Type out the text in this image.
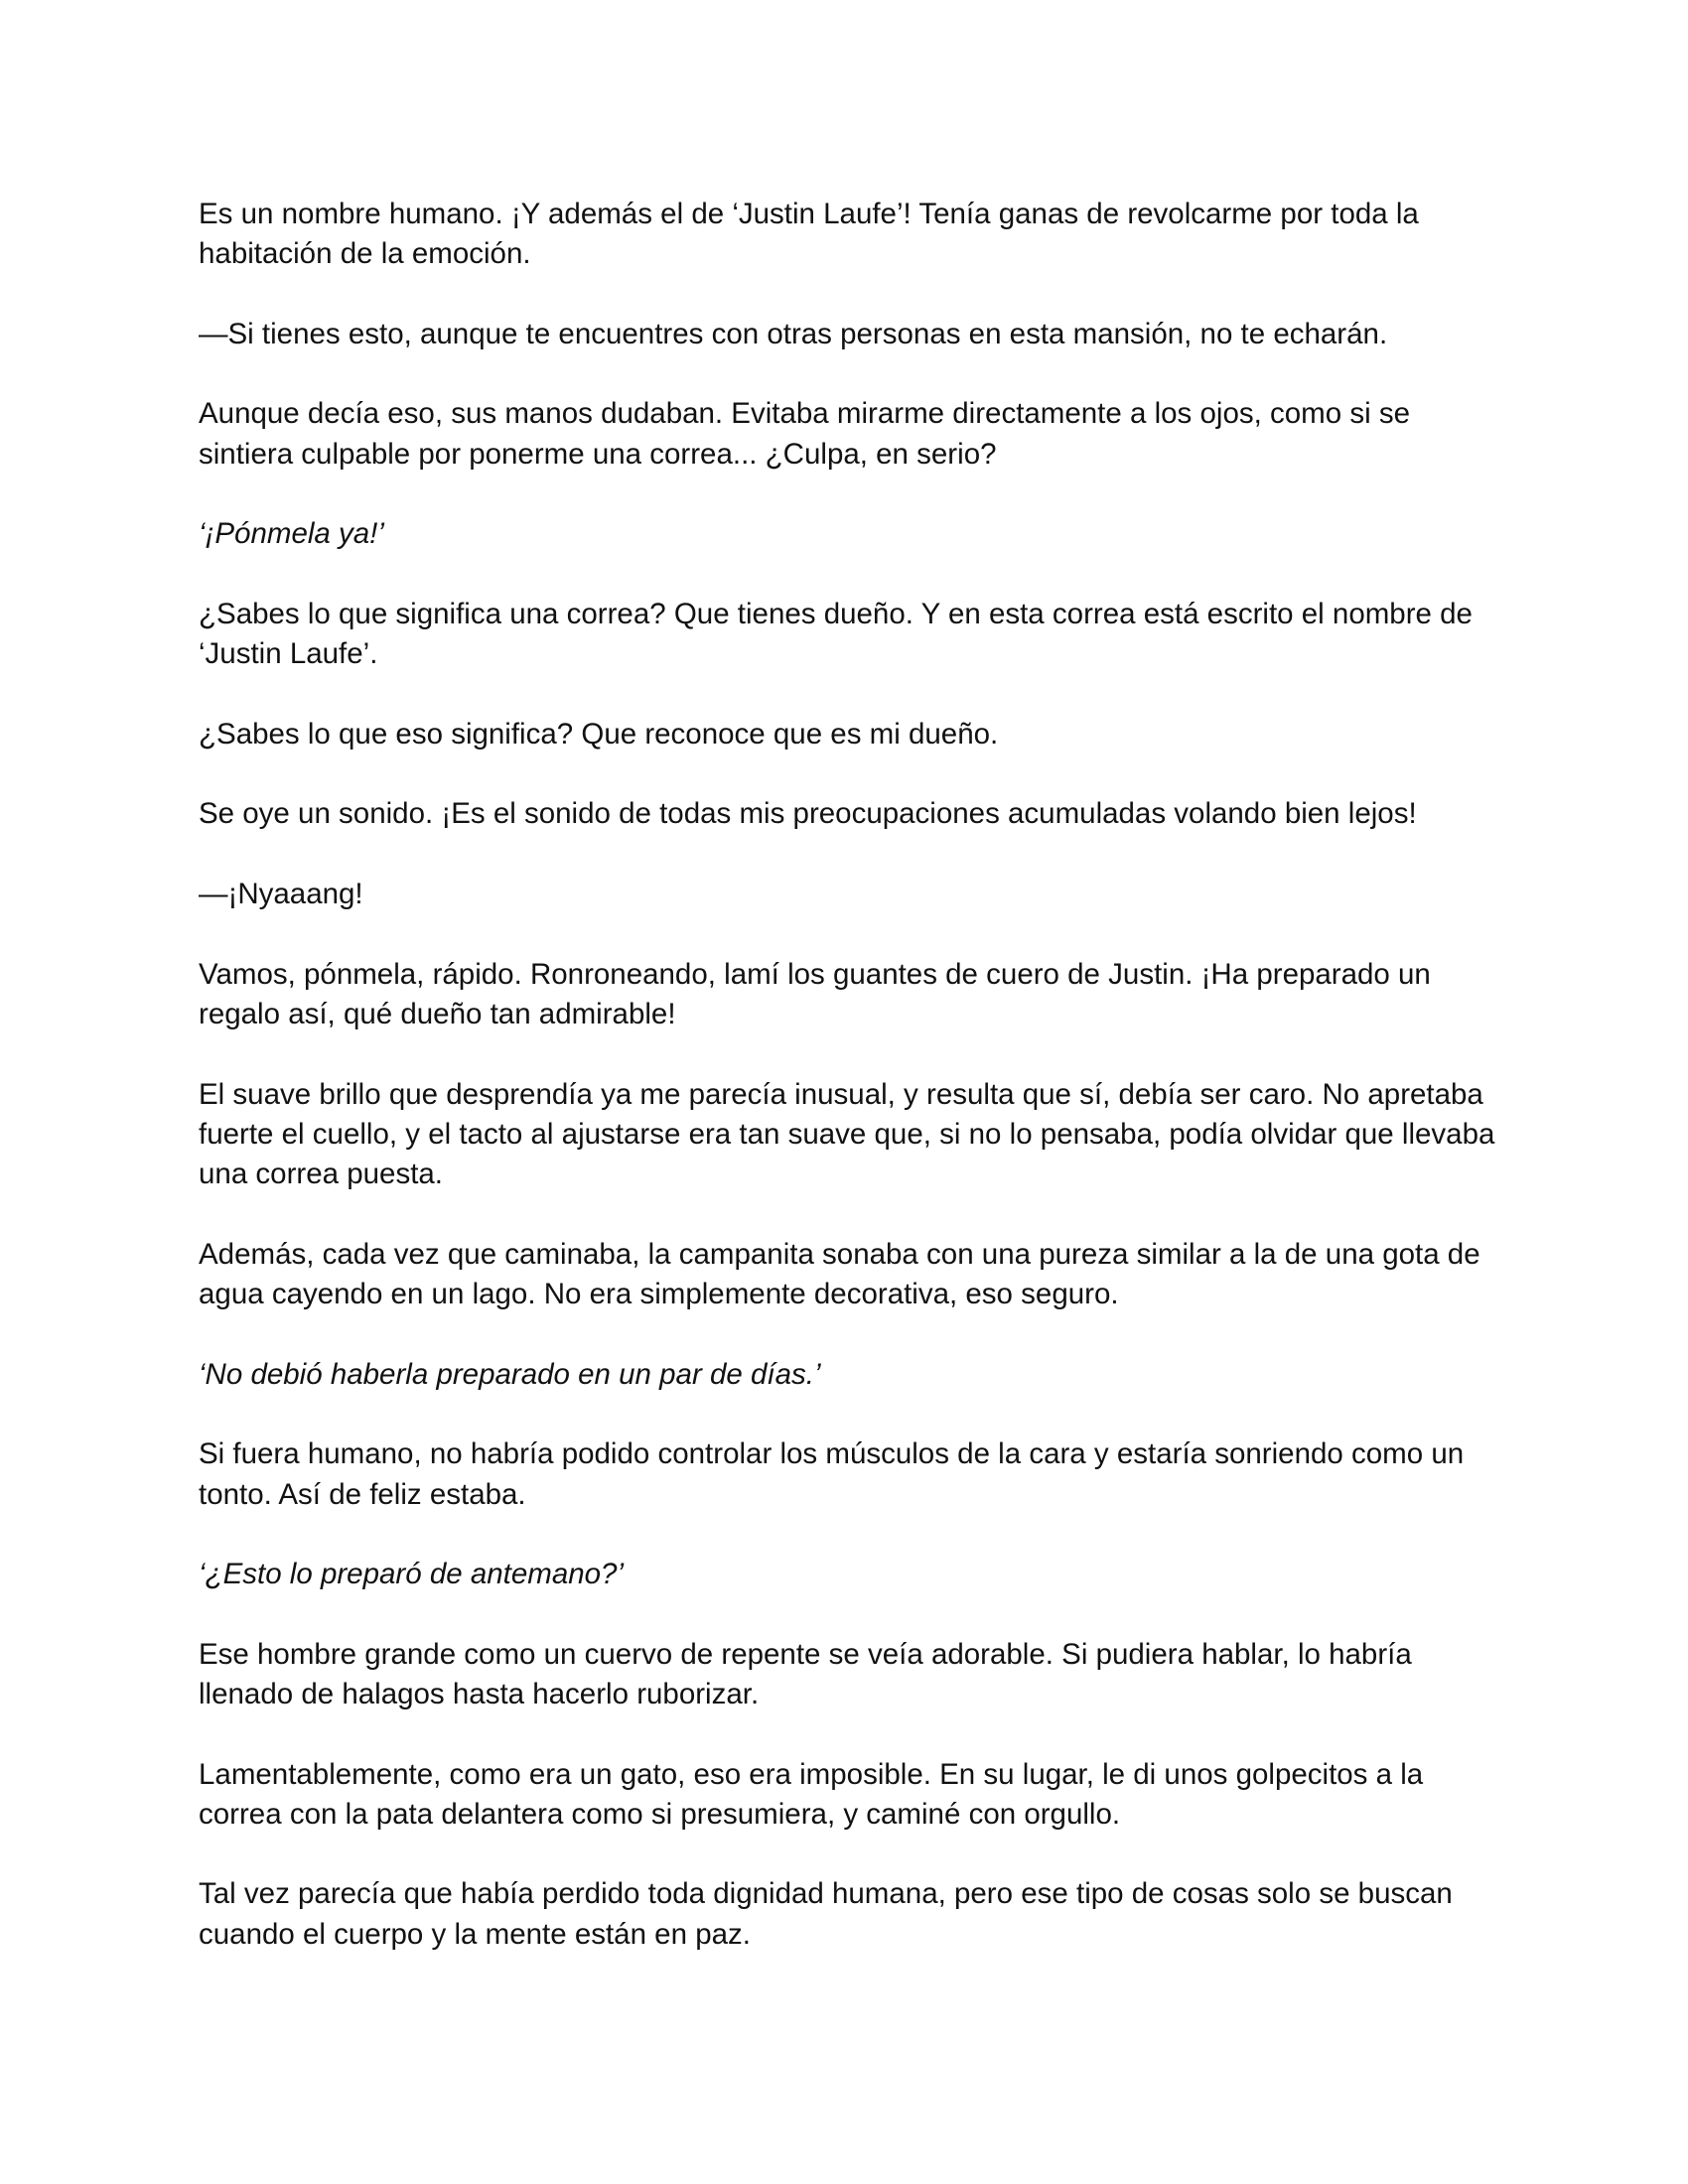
Es un nombre humano. ¡Y además el de ‘Justin Laufe’! Tenía ganas de revolcarme por toda la habitación de la emoción.

—Si tienes esto, aunque te encuentres con otras personas en esta mansión, no te echarán.

Aunque decía eso, sus manos dudaban. Evitaba mirarme directamente a los ojos, como si se sintiera culpable por ponerme una correa... ¿Culpa, en serio?

‘¡Pónmela ya!’

¿Sabes lo que significa una correa? Que tienes dueño. Y en esta correa está escrito el nombre de ‘Justin Laufe’.

¿Sabes lo que eso significa? Que reconoce que es mi dueño.

Se oye un sonido. ¡Es el sonido de todas mis preocupaciones acumuladas volando bien lejos!

—¡Nyaaang!

Vamos, pónmela, rápido. Ronroneando, lamí los guantes de cuero de Justin. ¡Ha preparado un regalo así, qué dueño tan admirable!

El suave brillo que desprendía ya me parecía inusual, y resulta que sí, debía ser caro. No apretaba fuerte el cuello, y el tacto al ajustarse era tan suave que, si no lo pensaba, podía olvidar que llevaba una correa puesta.

Además, cada vez que caminaba, la campanita sonaba con una pureza similar a la de una gota de agua cayendo en un lago. No era simplemente decorativa, eso seguro.

‘No debió haberla preparado en un par de días.’

Si fuera humano, no habría podido controlar los músculos de la cara y estaría sonriendo como un tonto. Así de feliz estaba.

‘¿Esto lo preparó de antemano?’

Ese hombre grande como un cuervo de repente se veía adorable. Si pudiera hablar, lo habría llenado de halagos hasta hacerlo ruborizar.

Lamentablemente, como era un gato, eso era imposible. En su lugar, le di unos golpecitos a la correa con la pata delantera como si presumiera, y caminé con orgullo.

Tal vez parecía que había perdido toda dignidad humana, pero ese tipo de cosas solo se buscan cuando el cuerpo y la mente están en paz.
